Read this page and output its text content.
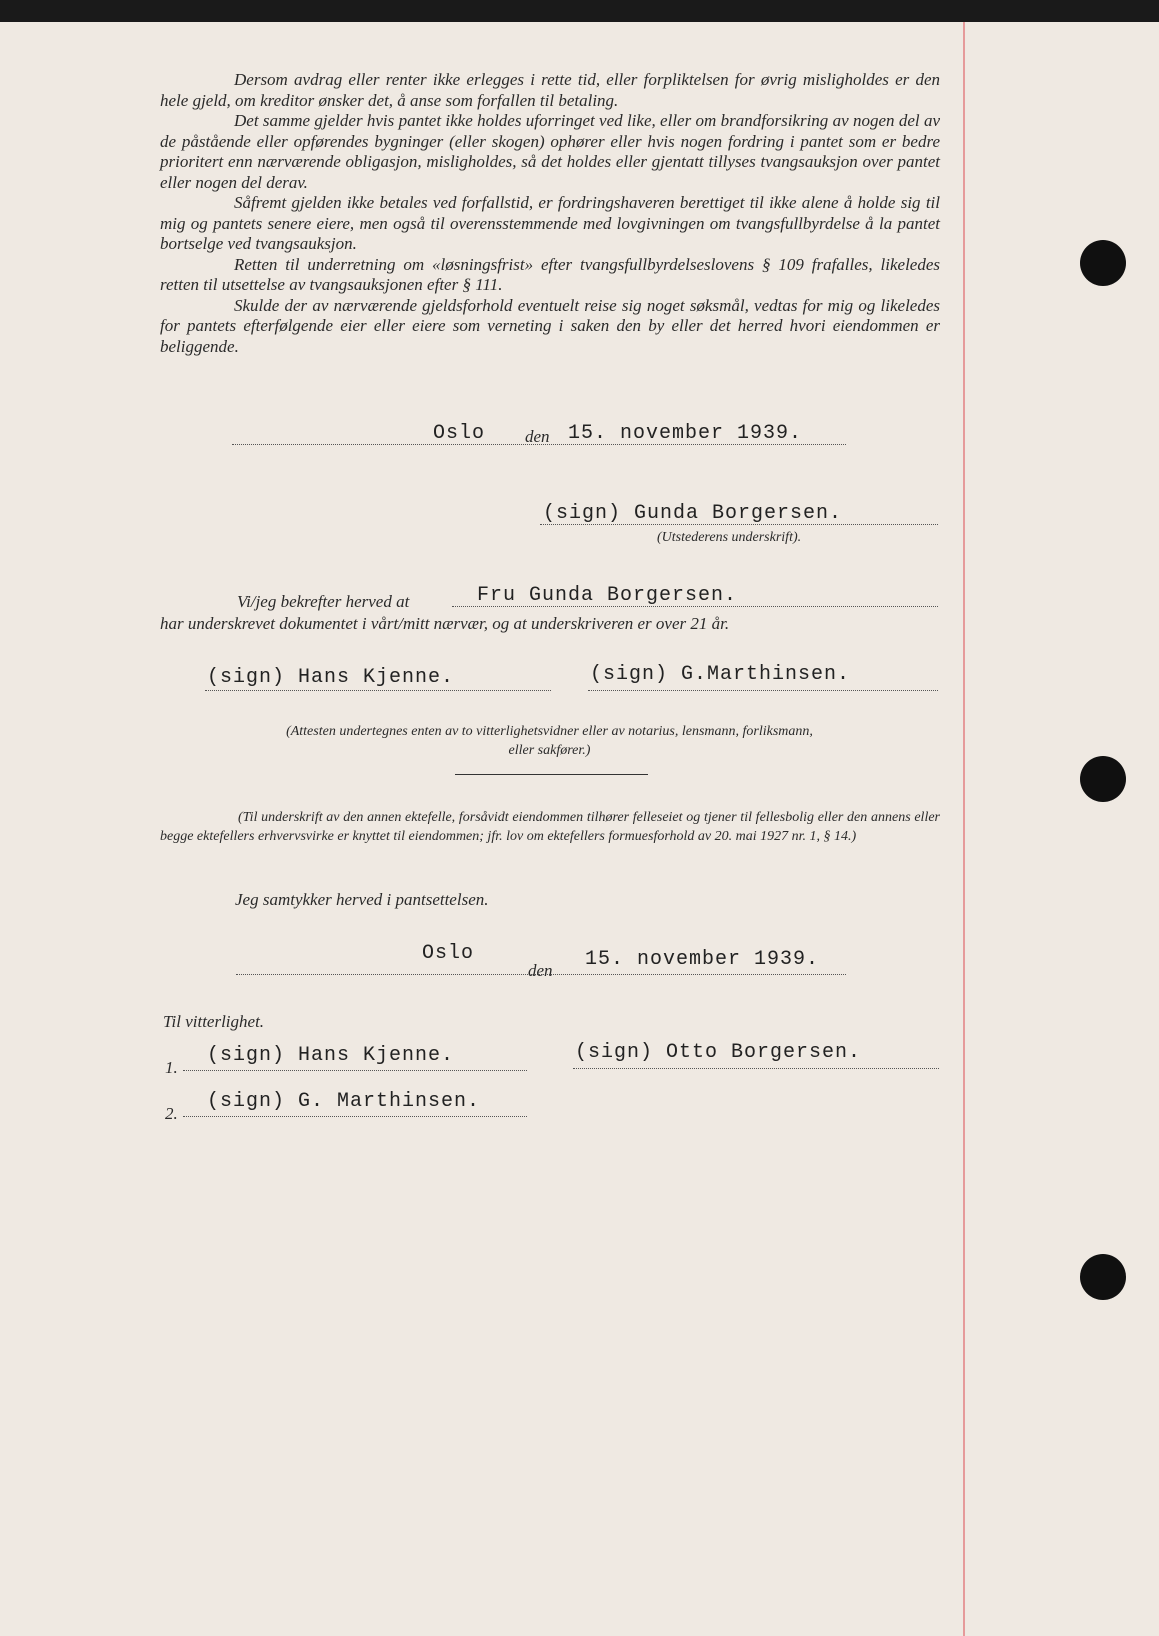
Dersom avdrag eller renter ikke erlegges i rette tid, eller forpliktelsen for øvrig misligholdes er den hele gjeld, om kreditor ønsker det, å anse som forfallen til betaling.

Det samme gjelder hvis pantet ikke holdes uforringet ved like, eller om brandforsikring av nogen del av de påstående eller opførendes bygninger (eller skogen) ophører eller hvis nogen fordring i pantet som er bedre prioritert enn nærværende obligasjon, misligholdes, så det holdes eller gjentatt tillyses tvangsauksjon over pantet eller nogen del derav.

Såfremt gjelden ikke betales ved forfallstid, er fordringshaveren berettiget til ikke alene å holde sig til mig og pantets senere eiere, men også til overensstemmende med lovgivningen om tvangsfullbyrdelse å la pantet bortselge ved tvangsauksjon.

Retten til underretning om «løsningsfrist» efter tvangsfullbyrdelseslovens § 109 frafalles, likeledes retten til utsettelse av tvangsauksjonen efter § 111.

Skulde der av nærværende gjeldsforhold eventuelt reise sig noget søksmål, vedtas for mig og likeledes for pantets efterfølgende eier eller eiere som verneting i saken den by eller det herred hvori eiendommen er beliggende.

Oslo den 15. november 1939.
(sign) Gunda Borgersen.
(Utstederens underskrift).
Vi/jeg bekrefter herved at	Fru Gunda Borgersen.
har underskrevet dokumentet i vårt/mitt nærvær, og at underskriveren er over 21 år.
(sign) Hans Kjenne.	(sign) G.Marthinsen.
(Attesten undertegnes enten av to vitterlighetsvidner eller av notarius, lensmann, forliksmann,
eller sakfører.)

(Til underskrift av den annen ektefelle, forsåvidt eiendommen tilhører felleseiet og tjener til fellesbolig eller den annens eller begge ektefellers erhvervsvirke er knyttet til eiendommen; jfr. lov om ektefellers formuesforhold av 20. mai 1927 nr. 1, § 14.)

Jeg samtykker herved i pantsettelsen.
Oslo
den 15. november 1939.
Til vitterlighet.
1.
(sign) Hans Kjenne.	(sign) Otto Borgersen.
2.
(sign) G. Marthinsen.
